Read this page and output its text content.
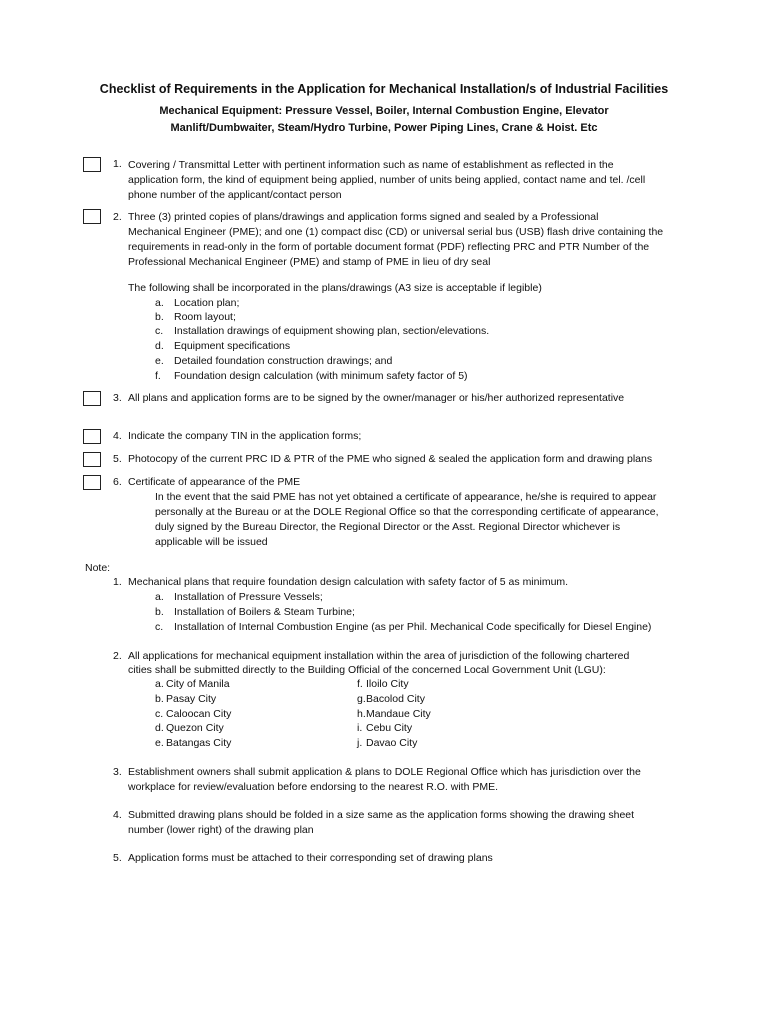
Checklist of Requirements in the Application for Mechanical Installation/s of Industrial Facilities
Mechanical Equipment: Pressure Vessel, Boiler, Internal Combustion Engine, Elevator
Manlift/Dumbwaiter, Steam/Hydro Turbine, Power Piping Lines, Crane & Hoist. Etc
1. Covering / Transmittal Letter with pertinent information such as name of establishment as reflected in the
application form, the kind of equipment being applied, number of units being applied, contact name and tel. /cell
phone number of the applicant/contact person
2. Three (3) printed copies of plans/drawings and application forms signed and sealed by a Professional
Mechanical Engineer (PME); and one (1) compact disc (CD) or universal serial bus (USB) flash drive containing the
requirements in read-only in the form of portable document format (PDF) reflecting PRC and PTR Number of the
Professional Mechanical Engineer (PME) and stamp of PME in lieu of dry seal
The following shall be incorporated in the plans/drawings (A3 size is acceptable if legible)
a. Location plan;
b. Room layout;
c. Installation drawings of equipment showing plan, section/elevations.
d. Equipment specifications
e. Detailed foundation construction drawings; and
f. Foundation design calculation (with minimum safety factor of 5)
3. All plans and application forms are to be signed by the owner/manager or his/her authorized representative
4. Indicate the company TIN in the application forms;
5. Photocopy of the current PRC ID & PTR of the PME who signed & sealed the application form and drawing plans
6. Certificate of appearance of the PME
In the event that the said PME has not yet obtained a certificate of appearance, he/she is required to appear
personally at the Bureau or at the DOLE Regional Office so that the corresponding certificate of appearance,
duly signed by the Bureau Director, the Regional Director or the Asst. Regional Director whichever is
applicable will be issued
Note:
1. Mechanical plans that require foundation design calculation with safety factor of 5 as minimum.
a. Installation of Pressure Vessels;
b. Installation of Boilers & Steam Turbine;
c. Installation of Internal Combustion Engine (as per Phil. Mechanical Code specifically for Diesel Engine)
2. All applications for mechanical equipment installation within the area of jurisdiction of the following chartered
cities shall be submitted directly to the Building Official of the concerned Local Government Unit (LGU):
a. City of Manila
b. Pasay City
c. Caloocan City
d. Quezon City
e. Batangas City
f. Iloilo City
g. Bacolod City
h. Mandaue City
i. Cebu City
j. Davao City
3. Establishment owners shall submit application & plans to DOLE Regional Office which has jurisdiction over the
workplace for review/evaluation before endorsing to the nearest R.O. with PME.
4. Submitted drawing plans should be folded in a size same as the application forms showing the drawing sheet
number (lower right) of the drawing plan
5. Application forms must be attached to their corresponding set of drawing plans
